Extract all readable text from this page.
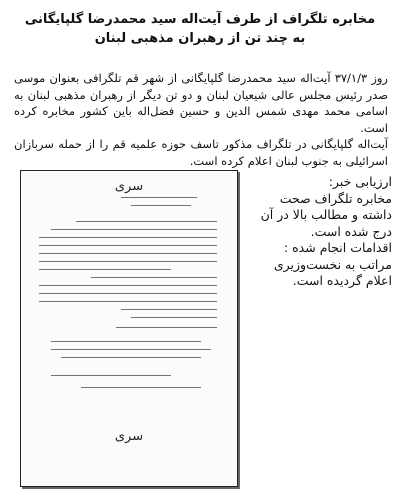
مخابره تلگراف از طرف آیت‌اله سید محمدرضا گلپایگانی
به چند تن از رهبران مذهبی لبنان

روز ۳۷/۱/۳ آیت‌اله سید محمدرضا گلپایگانی از شهر قم تلگرافی بعنوان موسی صدر رئیس مجلس عالی شیعیان لبنان و دو تن دیگر از رهبران مذهبی لبنان به اسامی محمد مهدی شمس الدین و حسین فضل‌اله باین کشور مخابره کرده است.

آیت‌اله گلپایگانی در تلگراف مذکور تاسف حوزه علمیه قم را از حمله سربازان اسرائیلی به جنوب لبنان اعلام کرده است.

سری
سری

ارزیابی خبر:

مخابره تلگراف صحت داشته و مطالب بالا در آن درج شده است.

اقدامات انجام شده :

مراتب به نخست‌وزیری اعلام گردیده است.
